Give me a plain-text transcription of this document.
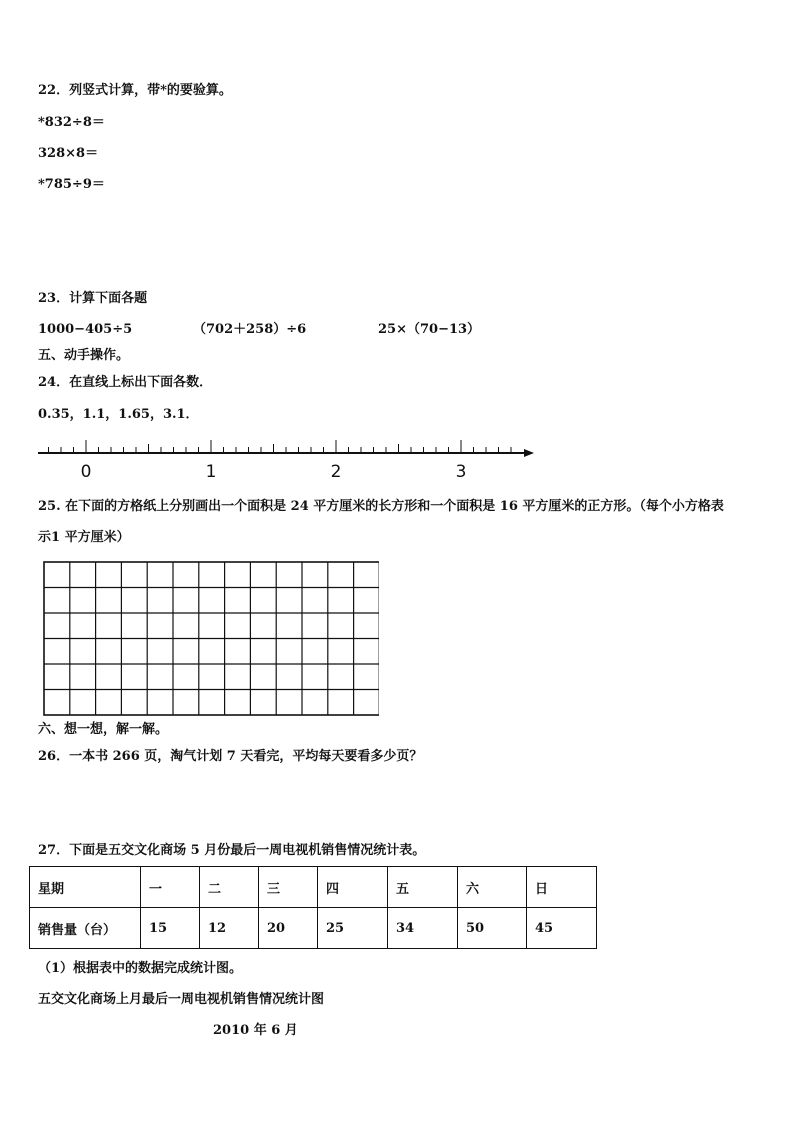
22．列竖式计算，带*的要验算。
*832÷8＝
328×8＝
*785÷9＝
23．计算下面各题
1000−405÷5	（702＋258）÷6	25×（70−13）
五、动手操作。
24．在直线上标出下面各数．
0.35，1.1，1.65，3.1．
0	1	2	3
25. 在下面的方格纸上分别画出一个面积是 24 平方厘米的长方形和一个面积是 16 平方厘米的正方形。（每个小方格表
示1 平方厘米）
六、想一想，解一解。
26．一本书 266 页，淘气计划 7 天看完，平均每天要看多少页？
27．下面是五交文化商场 5 月份最后一周电视机销售情况统计表。
星期	一	二	三	四	五	六	日
销售量（台）	15	12	20	25	34	50	45
（1）根据表中的数据完成统计图。
五交文化商场上月最后一周电视机销售情况统计图
2010 年 6 月
